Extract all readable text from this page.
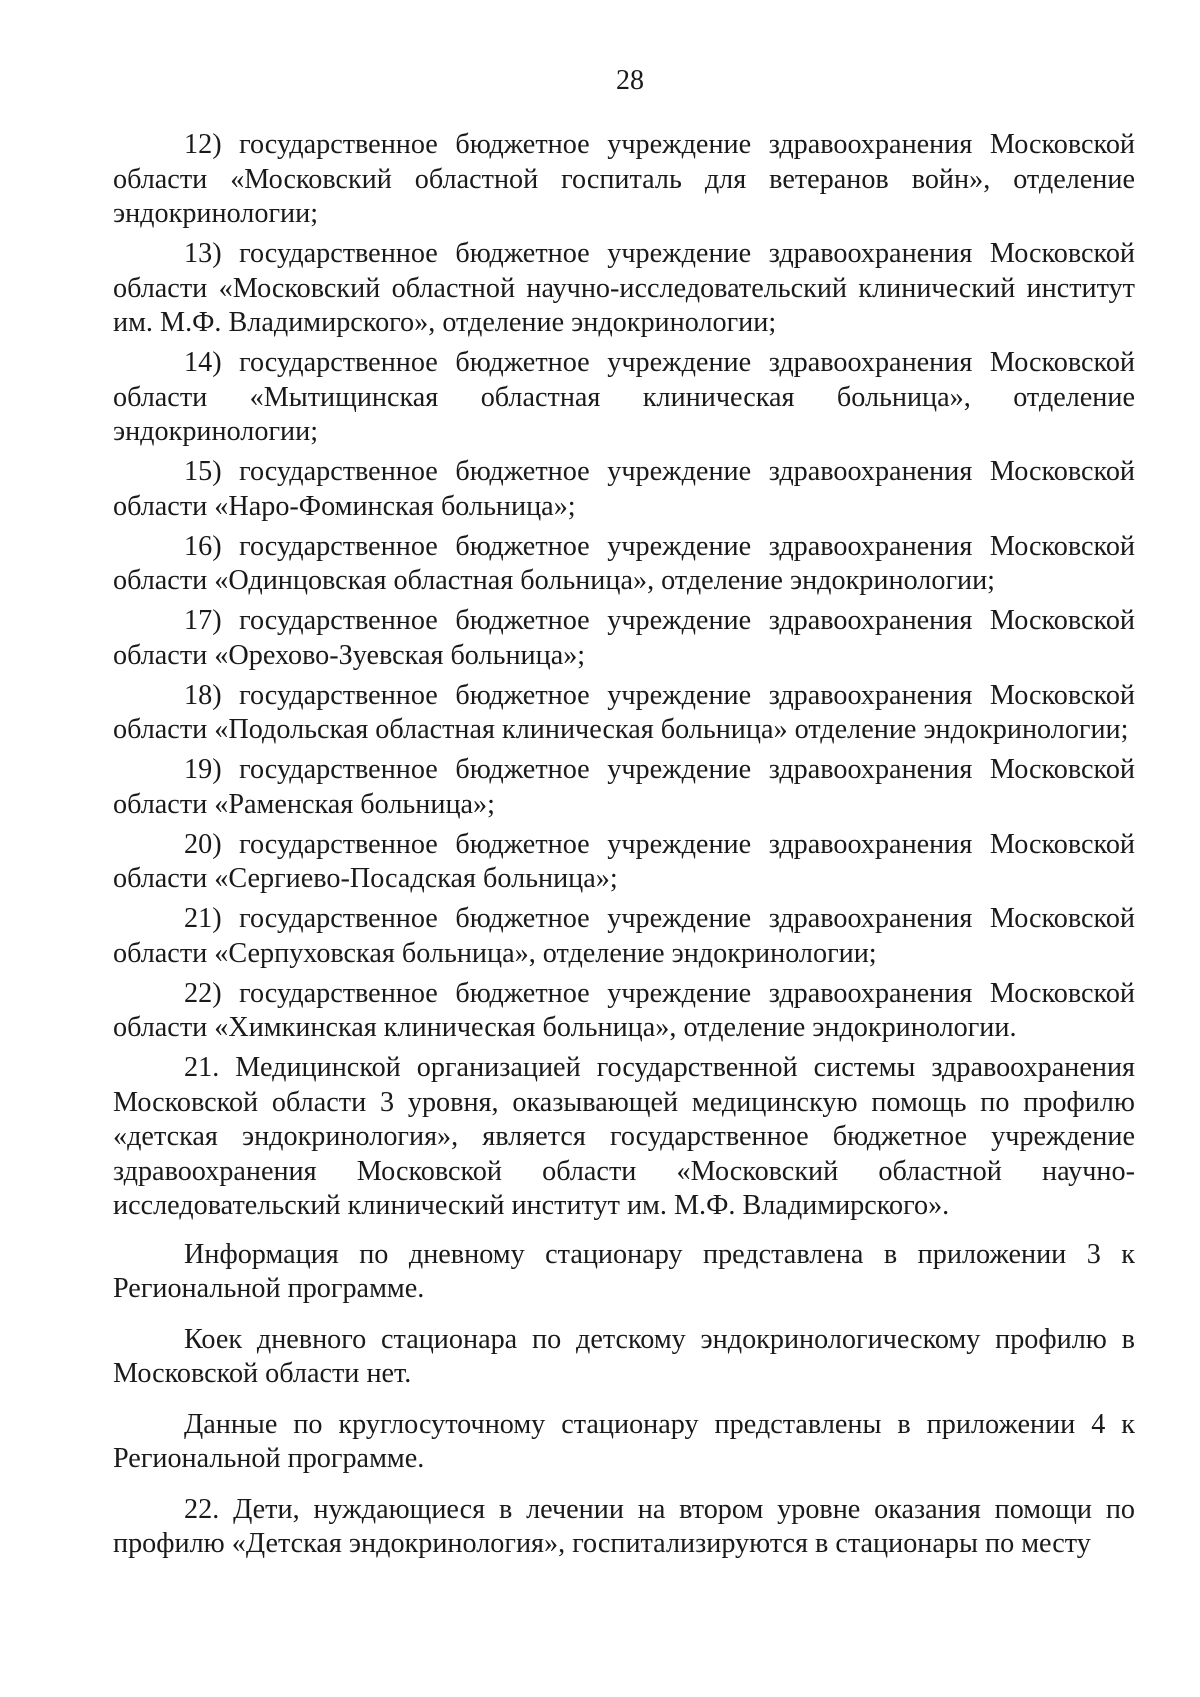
28

12) государственное бюджетное учреждение здравоохранения Московской области «Московский областной госпиталь для ветеранов войн», отделение эндокринологии;

13) государственное бюджетное учреждение здравоохранения Московской области «Московский областной научно-исследовательский клинический институт им. М.Ф. Владимирского», отделение эндокринологии;

14) государственное бюджетное учреждение здравоохранения Московской области «Мытищинская областная клиническая больница», отделение эндокринологии;

15) государственное бюджетное учреждение здравоохранения Московской области «Наро-Фоминская больница»;

16) государственное бюджетное учреждение здравоохранения Московской области «Одинцовская областная больница», отделение эндокринологии;

17) государственное бюджетное учреждение здравоохранения Московской области «Орехово-Зуевская больница»;

18) государственное бюджетное учреждение здравоохранения Московской области «Подольская областная клиническая больница» отделение эндокринологии;

19) государственное бюджетное учреждение здравоохранения Московской области «Раменская больница»;

20) государственное бюджетное учреждение здравоохранения Московской области «Сергиево-Посадская больница»;

21) государственное бюджетное учреждение здравоохранения Московской области «Серпуховская больница», отделение эндокринологии;

22) государственное бюджетное учреждение здравоохранения Московской области «Химкинская клиническая больница», отделение эндокринологии.

21. Медицинской организацией государственной системы здравоохранения Московской области 3 уровня, оказывающей медицинскую помощь по профилю «детская эндокринология», является государственное бюджетное учреждение здравоохранения Московской области «Московский областной научно-исследовательский клинический институт им. М.Ф. Владимирского».

Информация по дневному стационару представлена в приложении 3 к Региональной программе.

Коек дневного стационара по детскому эндокринологическому профилю в Московской области нет.

Данные по круглосуточному стационару представлены в приложении 4 к Региональной программе.

22. Дети, нуждающиеся в лечении на втором уровне оказания помощи по профилю «Детская эндокринология», госпитализируются в стационары по месту
